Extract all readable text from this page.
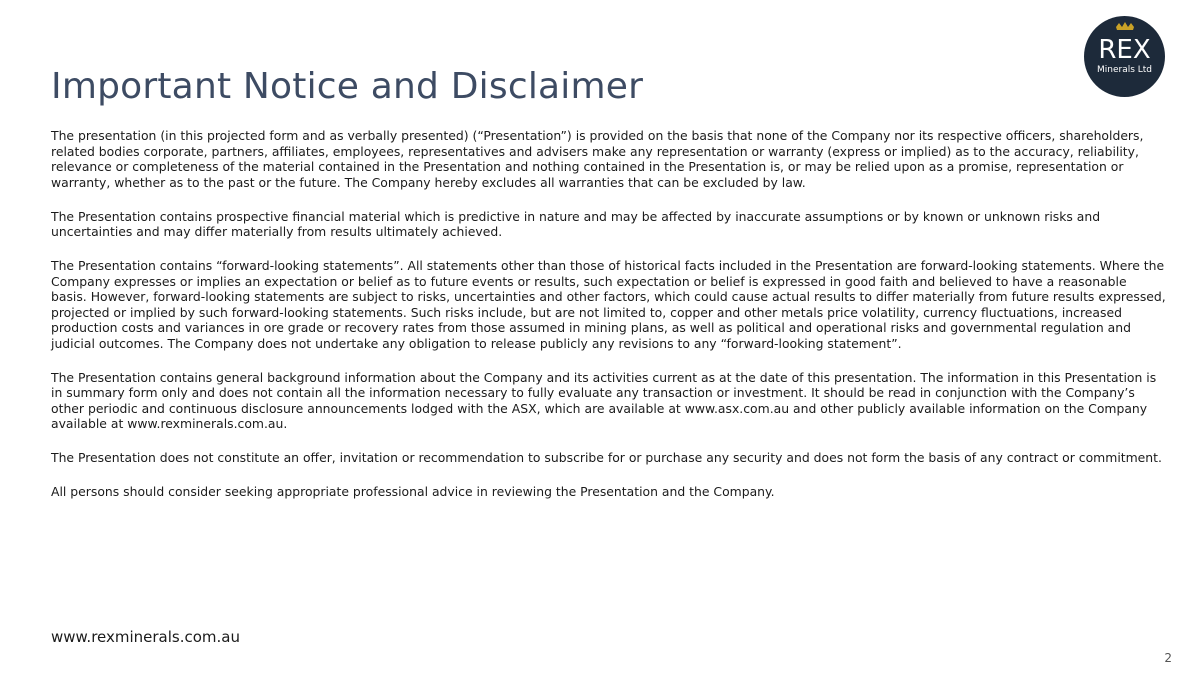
Important Notice and Disclaimer
REX
Minerals Ltd

The presentation (in this projected form and as verbally presented) (“Presentation”) is provided on the basis that none of the Company nor its respective officers, shareholders, related bodies corporate, partners, affiliates, employees, representatives and advisers make any representation or warranty (express or implied) as to the accuracy, reliability, relevance or completeness of the material contained in the Presentation and nothing contained in the Presentation is, or may be relied upon as a promise, representation or warranty, whether as to the past or the future. The Company hereby excludes all warranties that can be excluded by law.

The Presentation contains prospective financial material which is predictive in nature and may be affected by inaccurate assumptions or by known or unknown risks and uncertainties and may differ materially from results ultimately achieved.

The Presentation contains “forward-looking statements”. All statements other than those of historical facts included in the Presentation are forward-looking statements. Where the Company expresses or implies an expectation or belief as to future events or results, such expectation or belief is expressed in good faith and believed to have a reasonable basis. However, forward-looking statements are subject to risks, uncertainties and other factors, which could cause actual results to differ materially from future results expressed, projected or implied by such forward-looking statements. Such risks include, but are not limited to, copper and other metals price volatility, currency fluctuations, increased production costs and variances in ore grade or recovery rates from those assumed in mining plans, as well as political and operational risks and governmental regulation and judicial outcomes. The Company does not undertake any obligation to release publicly any revisions to any “forward-looking statement”.

The Presentation contains general background information about the Company and its activities current as at the date of this presentation. The information in this Presentation is in summary form only and does not contain all the information necessary to fully evaluate any transaction or investment. It should be read in conjunction with the Company’s other periodic and continuous disclosure announcements lodged with the ASX, which are available at www.asx.com.au and other publicly available information on the Company available at www.rexminerals.com.au.

The Presentation does not constitute an offer, invitation or recommendation to subscribe for or purchase any security and does not form the basis of any contract or commitment.

All persons should consider seeking appropriate professional advice in reviewing the Presentation and the Company.

www.rexminerals.com.au
2
